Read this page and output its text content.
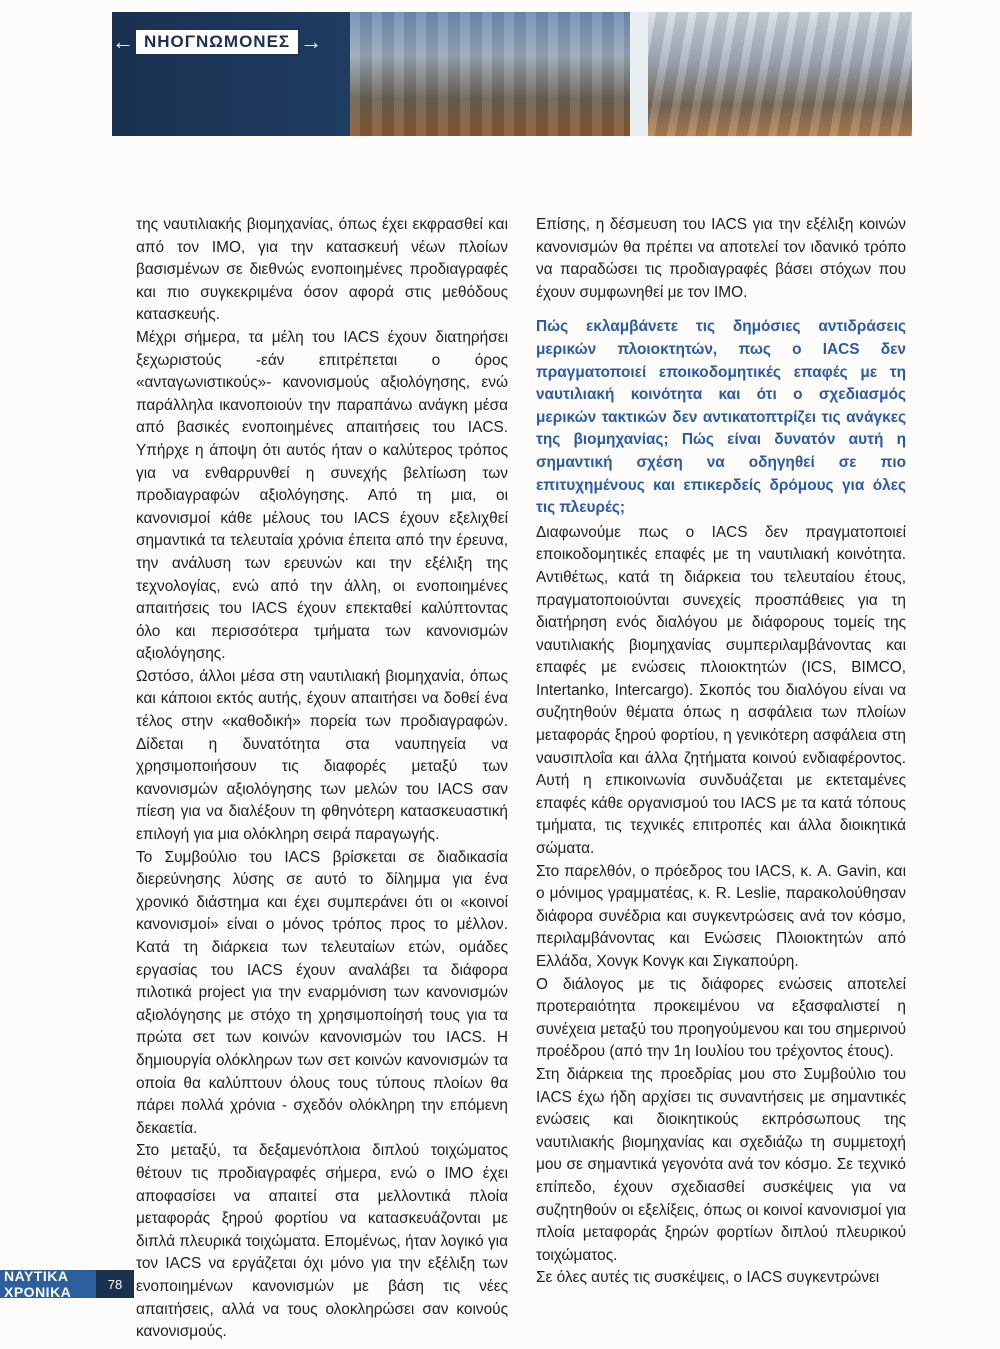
← ΝΗΟΓΝΩΜΟΝΕΣ →

της ναυτιλιακής βιομηχανίας, όπως έχει εκφρασθεί και από τον ΙΜΟ, για την κατασκευή νέων πλοίων βασισμένων σε διεθνώς ενοποιημένες προδιαγραφές και πιο συγκεκριμένα όσον αφορά στις μεθόδους κατασκευής.

Μέχρι σήμερα, τα μέλη του IACS έχουν διατηρήσει ξεχωριστούς -εάν επιτρέπεται ο όρος «ανταγωνιστικούς»- κανονισμούς αξιολόγησης, ενώ παράλληλα ικανοποιούν την παραπάνω ανάγκη μέσα από βασικές ενοποιημένες απαιτήσεις του IACS. Υπήρχε η άποψη ότι αυτός ήταν ο καλύτερος τρόπος για να ενθαρρυνθεί η συνεχής βελτίωση των προδιαγραφών αξιολόγησης. Από τη μια, οι κανονισμοί κάθε μέλους του IACS έχουν εξελιχθεί σημαντικά τα τελευταία χρόνια έπειτα από την έρευνα, την ανάλυση των ερευνών και την εξέλιξη της τεχνολογίας, ενώ από την άλλη, οι ενοποιημένες απαιτήσεις του IACS έχουν επεκταθεί καλύπτοντας όλο και περισσότερα τμήματα των κανονισμών αξιολόγησης.

Ωστόσο, άλλοι μέσα στη ναυτιλιακή βιομηχανία, όπως και κάποιοι εκτός αυτής, έχουν απαιτήσει να δοθεί ένα τέλος στην «καθοδική» πορεία των προδιαγραφών. Δίδεται η δυνατότητα στα ναυπηγεία να χρησιμοποιήσουν τις διαφορές μεταξύ των κανονισμών αξιολόγησης των μελών του IACS σαν πίεση για να διαλέξουν τη φθηνότερη κατασκευαστική επιλογή για μια ολόκληρη σειρά παραγωγής.

Το Συμβούλιο του IACS βρίσκεται σε διαδικασία διερεύνησης λύσης σε αυτό το δίλημμα για ένα χρονικό διάστημα και έχει συμπεράνει ότι οι «κοινοί κανονισμοί» είναι ο μόνος τρόπος προς το μέλλον. Κατά τη διάρκεια των τελευταίων ετών, ομάδες εργασίας του IACS έχουν αναλάβει τα διάφορα πιλοτικά project για την εναρμόνιση των κανονισμών αξιολόγησης με στόχο τη χρησιμοποίησή τους για τα πρώτα σετ των κοινών κανονισμών του IACS. Η δημιουργία ολόκληρων των σετ κοινών κανονισμών τα οποία θα καλύπτουν όλους τους τύπους πλοίων θα πάρει πολλά χρόνια - σχεδόν ολόκληρη την επόμενη δεκαετία.

Στο μεταξύ, τα δεξαμενόπλοια διπλού τοιχώματος θέτουν τις προδιαγραφές σήμερα, ενώ ο ΙΜΟ έχει αποφασίσει να απαιτεί στα μελλοντικά πλοία μεταφοράς ξηρού φορτίου να κατασκευάζονται με διπλά πλευρικά τοιχώματα. Επομένως, ήταν λογικό για τον IACS να εργάζεται όχι μόνο για την εξέλιξη των ενοποιημένων κανονισμών με βάση τις νέες απαιτήσεις, αλλά να τους ολοκληρώσει σαν κοινούς κανονισμούς.

Επίσης, η δέσμευση του IACS για την εξέλιξη κοινών κανονισμών θα πρέπει να αποτελεί τον ιδανικό τρόπο να παραδώσει τις προδιαγραφές βάσει στόχων που έχουν συμφωνηθεί με τον ΙΜΟ.

Πώς εκλαμβάνετε τις δημόσιες αντιδράσεις μερικών πλοιοκτητών, πως ο IACS δεν πραγματοποιεί εποικοδομητικές επαφές με τη ναυτιλιακή κοινότητα και ότι ο σχεδιασμός μερικών τακτικών δεν αντικατοπτρίζει τις ανάγκες της βιομηχανίας; Πώς είναι δυνατόν αυτή η σημαντική σχέση να οδηγηθεί σε πιο επιτυχημένους και επικερδείς δρόμους για όλες τις πλευρές;

Διαφωνούμε πως ο IACS δεν πραγματοποιεί εποικοδομητικές επαφές με τη ναυτιλιακή κοινότητα. Αντιθέτως, κατά τη διάρκεια του τελευταίου έτους, πραγματοποιούνται συνεχείς προσπάθειες για τη διατήρηση ενός διαλόγου με διάφορους τομείς της ναυτιλιακής βιομηχανίας συμπεριλαμβάνοντας και επαφές με ενώσεις πλοιοκτητών (ICS, BIMCO, Intertanko, Intercargo). Σκοπός του διαλόγου είναι να συζητηθούν θέματα όπως η ασφάλεια των πλοίων μεταφοράς ξηρού φορτίου, η γενικότερη ασφάλεια στη ναυσιπλοΐα και άλλα ζητήματα κοινού ενδιαφέροντος. Αυτή η επικοινωνία συνδυάζεται με εκτεταμένες επαφές κάθε οργανισμού του IACS με τα κατά τόπους τμήματα, τις τεχνικές επιτροπές και άλλα διοικητικά σώματα.

Στο παρελθόν, ο πρόεδρος του IACS, κ. A. Gavin, και ο μόνιμος γραμματέας, κ. R. Leslie, παρακολούθησαν διάφορα συνέδρια και συγκεντρώσεις ανά τον κόσμο, περιλαμβάνοντας και Ενώσεις Πλοιοκτητών από Ελλάδα, Χονγκ Κονγκ και Σιγκαπούρη.

Ο διάλογος με τις διάφορες ενώσεις αποτελεί προτεραιότητα προκειμένου να εξασφαλιστεί η συνέχεια μεταξύ του προηγούμενου και του σημερινού προέδρου (από την 1η Ιουλίου του τρέχοντος έτους).

Στη διάρκεια της προεδρίας μου στο Συμβούλιο του IACS έχω ήδη αρχίσει τις συναντήσεις με σημαντικές ενώσεις και διοικητικούς εκπρόσωπους της ναυτιλιακής βιομηχανίας και σχεδιάζω τη συμμετοχή μου σε σημαντικά γεγονότα ανά τον κόσμο. Σε τεχνικό επίπεδο, έχουν σχεδιασθεί συσκέψεις για να συζητηθούν οι εξελίξεις, όπως οι κοινοί κανονισμοί για πλοία μεταφοράς ξηρών φορτίων διπλού πλευρικού τοιχώματος.

Σε όλες αυτές τις συσκέψεις, ο IACS συγκεντρώνει

ΝΑΥΤΙΚΑ ΧΡΟΝΙΚΑ	78
